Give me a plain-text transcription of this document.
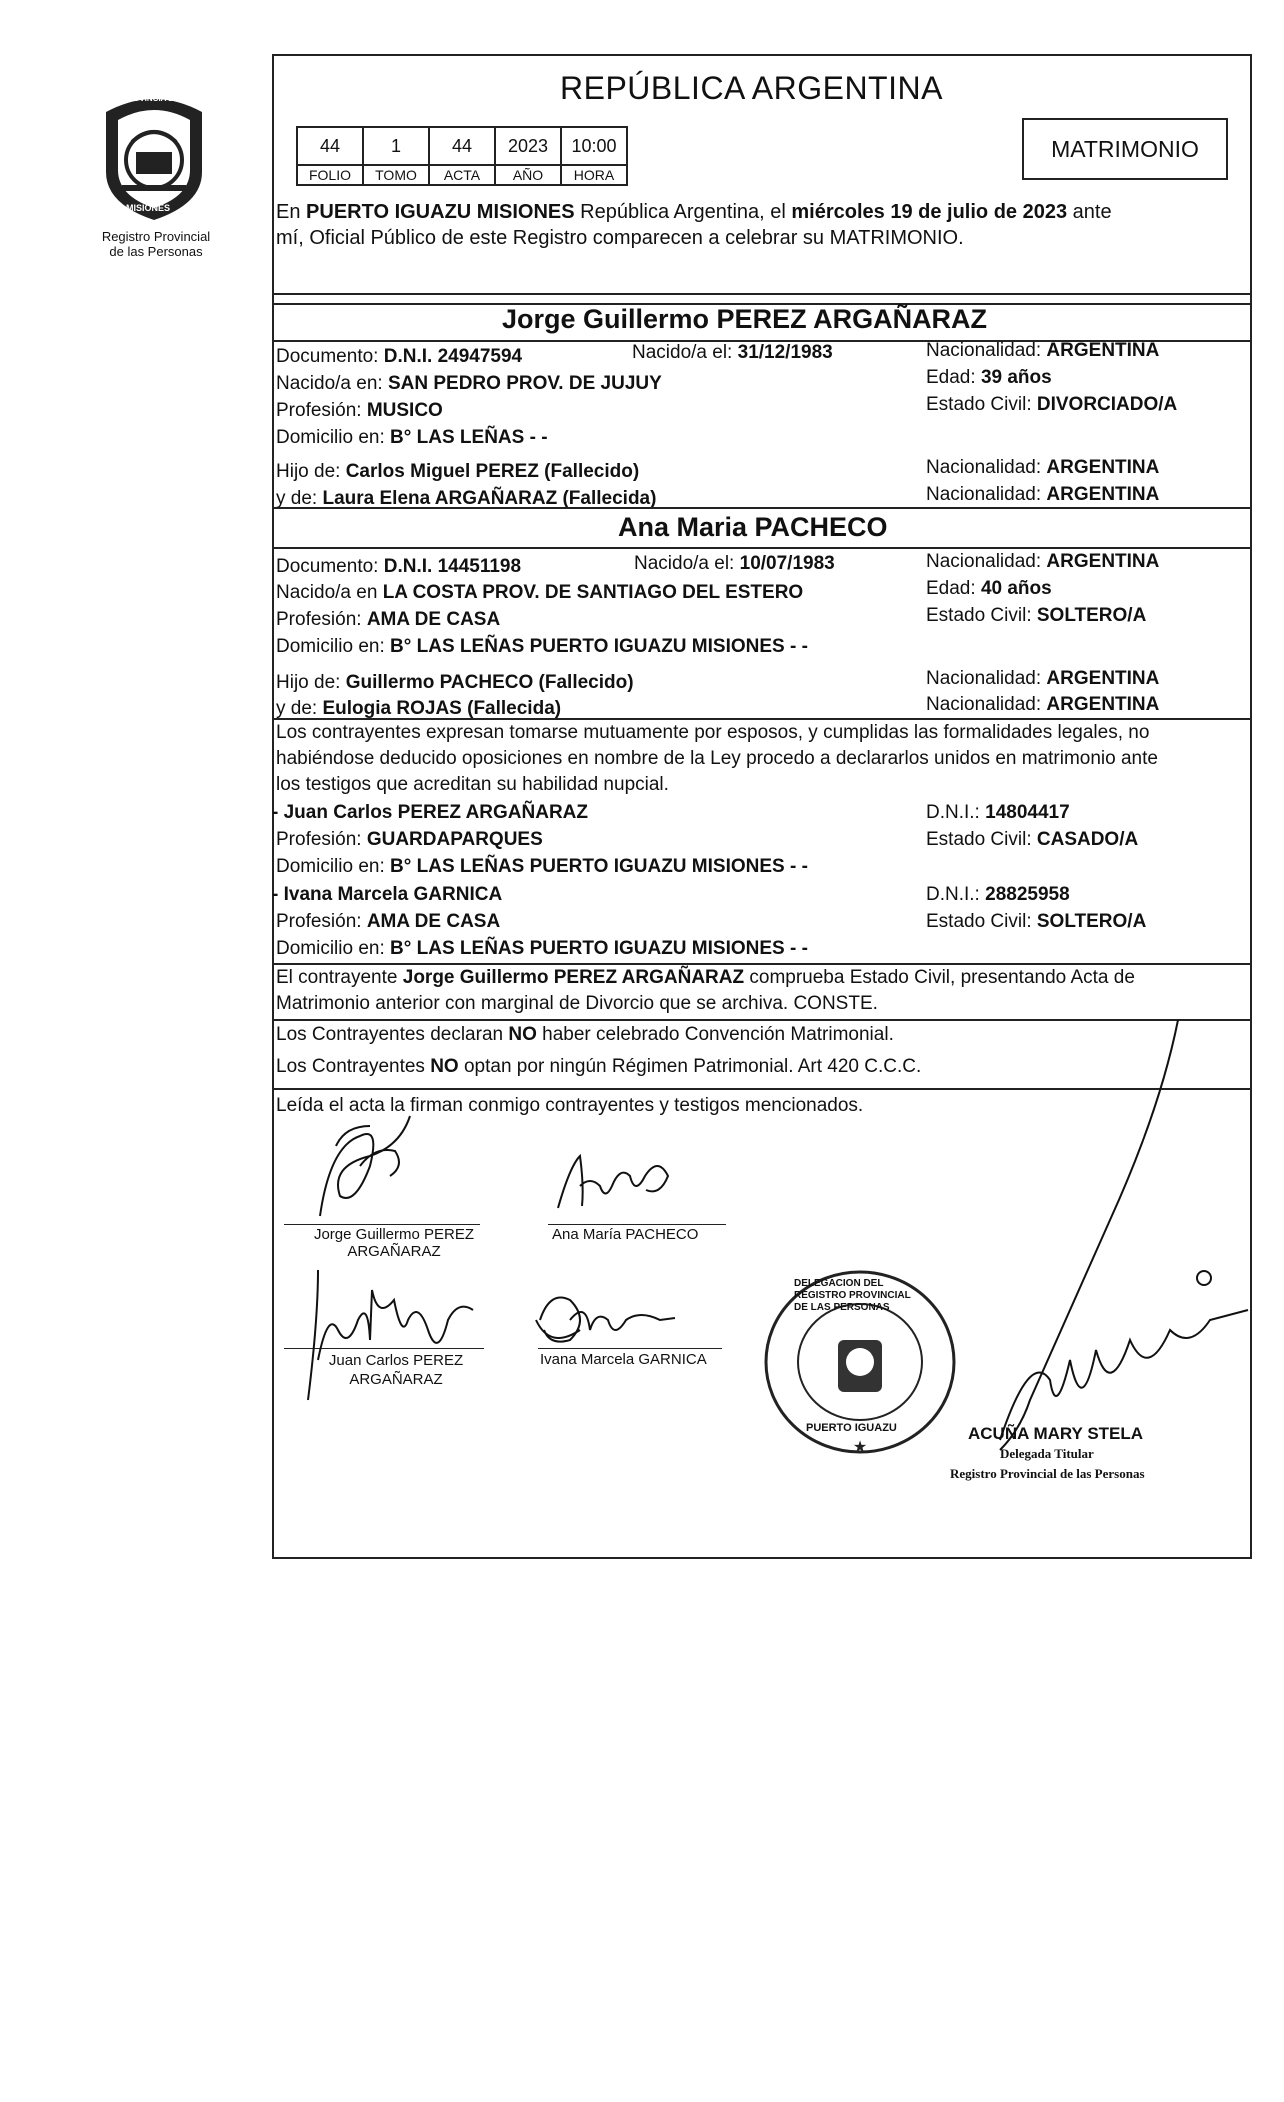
Registro Provincial
de las Personas
PROVINCIA DE
MISIONES
REPÚBLICA ARGENTINA
44	1	44	2023	10:00
FOLIO	TOMO	ACTA	AÑO	HORA
MATRIMONIO
En PUERTO IGUAZU MISIONES República Argentina, el miércoles 19 de julio de 2023 ante
mí, Oficial Público de este Registro comparecen a celebrar su MATRIMONIO.
Jorge Guillermo PEREZ ARGAÑARAZ
Documento: D.N.I. 24947594	Nacido/a el: 31/12/1983	Nacionalidad: ARGENTINA
Nacido/a en: SAN PEDRO PROV. DE JUJUY	Edad: 39 años
Profesión: MUSICO	Estado Civil: DIVORCIADO/A
Domicilio en: B° LAS LEÑAS - -
Hijo de: Carlos Miguel PEREZ (Fallecido)	Nacionalidad: ARGENTINA
y de: Laura Elena ARGAÑARAZ (Fallecida)	Nacionalidad: ARGENTINA
Ana Maria PACHECO
Documento: D.N.I. 14451198	Nacido/a el: 10/07/1983	Nacionalidad: ARGENTINA
Nacido/a en LA COSTA PROV. DE SANTIAGO DEL ESTERO	Edad: 40 años
Profesión: AMA DE CASA	Estado Civil: SOLTERO/A
Domicilio en: B° LAS LEÑAS PUERTO IGUAZU MISIONES - -
Hijo de: Guillermo PACHECO (Fallecido)	Nacionalidad: ARGENTINA
y de: Eulogia ROJAS (Fallecida)	Nacionalidad: ARGENTINA
Los contrayentes expresan tomarse mutuamente por esposos, y cumplidas las formalidades legales, no
habiéndose deducido oposiciones en nombre de la Ley procedo a declararlos unidos en matrimonio ante
los testigos que acreditan su habilidad nupcial.
- Juan Carlos PEREZ ARGAÑARAZ	D.N.I.: 14804417
Profesión: GUARDAPARQUES	Estado Civil: CASADO/A
Domicilio en: B° LAS LEÑAS PUERTO IGUAZU MISIONES - -
- Ivana Marcela GARNICA	D.N.I.: 28825958
Profesión: AMA DE CASA	Estado Civil: SOLTERO/A
Domicilio en: B° LAS LEÑAS PUERTO IGUAZU MISIONES - -
El contrayente Jorge Guillermo PEREZ ARGAÑARAZ comprueba Estado Civil, presentando Acta de
Matrimonio anterior con marginal de Divorcio que se archiva. CONSTE.
Los Contrayentes declaran NO haber celebrado Convención Matrimonial.
Los Contrayentes NO optan por ningún Régimen Patrimonial. Art 420 C.C.C.
Leída el acta la firman conmigo contrayentes y testigos mencionados.
Jorge Guillermo PEREZ
ARGAÑARAZ
Ana María PACHECO
Juan Carlos PEREZ
ARGAÑARAZ
Ivana Marcela GARNICA
★
DELEGACION DEL REGISTRO PROVINCIAL DE LAS PERSONAS
PUERTO IGUAZU	ACUÑA MARY STELA
Delegada Titular
Registro Provincial de las Personas
